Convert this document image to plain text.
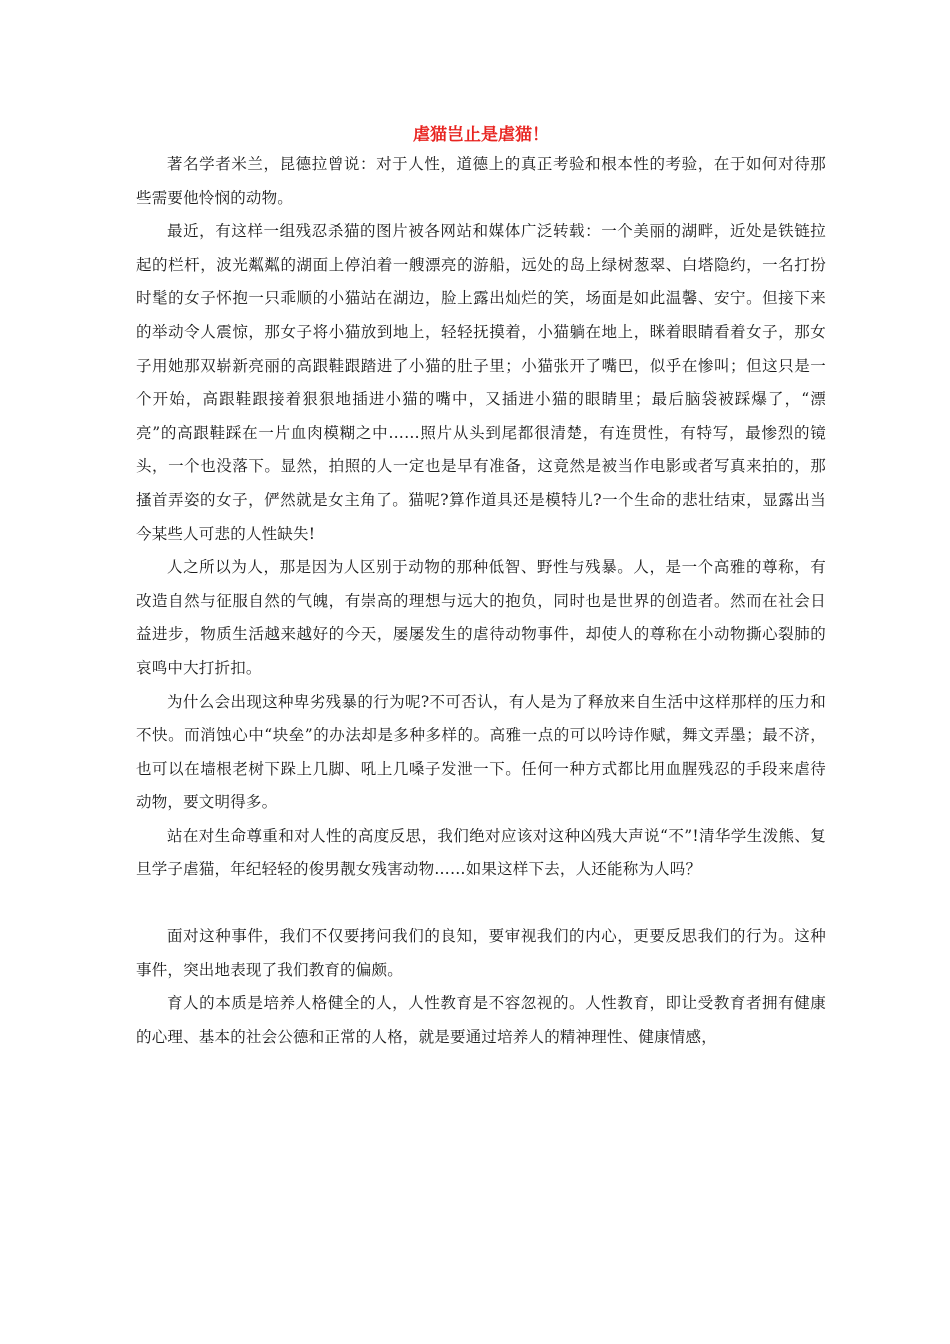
虐猫岂止是虐猫！

著名学者米兰，昆德拉曾说：对于人性，道德上的真正考验和根本性的考验，在于如何对待那些需要他怜悯的动物。

最近，有这样一组残忍杀猫的图片被各网站和媒体广泛转载：一个美丽的湖畔，近处是铁链拉起的栏杆，波光粼粼的湖面上停泊着一艘漂亮的游船，远处的岛上绿树葱翠、白塔隐约，一名打扮时髦的女子怀抱一只乖顺的小猫站在湖边，脸上露出灿烂的笑，场面是如此温馨、安宁。但接下来的举动令人震惊，那女子将小猫放到地上，轻轻抚摸着，小猫躺在地上，眯着眼睛看着女子，那女子用她那双崭新亮丽的高跟鞋跟踏进了小猫的肚子里；小猫张开了嘴巴，似乎在惨叫；但这只是一个开始，高跟鞋跟接着狠狠地插进小猫的嘴中，又插进小猫的眼睛里；最后脑袋被踩爆了，“漂亮”的高跟鞋踩在一片血肉模糊之中……照片从头到尾都很清楚，有连贯性，有特写，最惨烈的镜头，一个也没落下。显然，拍照的人一定也是早有准备，这竟然是被当作电影或者写真来拍的，那搔首弄姿的女子，俨然就是女主角了。猫呢?算作道具还是模特儿?一个生命的悲壮结束，显露出当今某些人可悲的人性缺失!

人之所以为人，那是因为人区别于动物的那种低智、野性与残暴。人，是一个高雅的尊称，有改造自然与征服自然的气魄，有崇高的理想与远大的抱负，同时也是世界的创造者。然而在社会日益进步，物质生活越来越好的今天，屡屡发生的虐待动物事件，却使人的尊称在小动物撕心裂肺的哀鸣中大打折扣。

为什么会出现这种卑劣残暴的行为呢?不可否认，有人是为了释放来自生活中这样那样的压力和不快。而消蚀心中“块垒”的办法却是多种多样的。高雅一点的可以吟诗作赋，舞文弄墨；最不济，也可以在墙根老树下跺上几脚、吼上几嗓子发泄一下。任何一种方式都比用血腥残忍的手段来虐待动物，要文明得多。

站在对生命尊重和对人性的高度反思，我们绝对应该对这种凶残大声说“不”!清华学生泼熊、复旦学子虐猫，年纪轻轻的俊男靓女残害动物……如果这样下去，人还能称为人吗？

面对这种事件，我们不仅要拷问我们的良知，要审视我们的内心，更要反思我们的行为。这种事件，突出地表现了我们教育的偏颇。

育人的本质是培养人格健全的人，人性教育是不容忽视的。人性教育，即让受教育者拥有健康的心理、基本的社会公德和正常的人格，就是要通过培养人的精神理性、健康情感，
